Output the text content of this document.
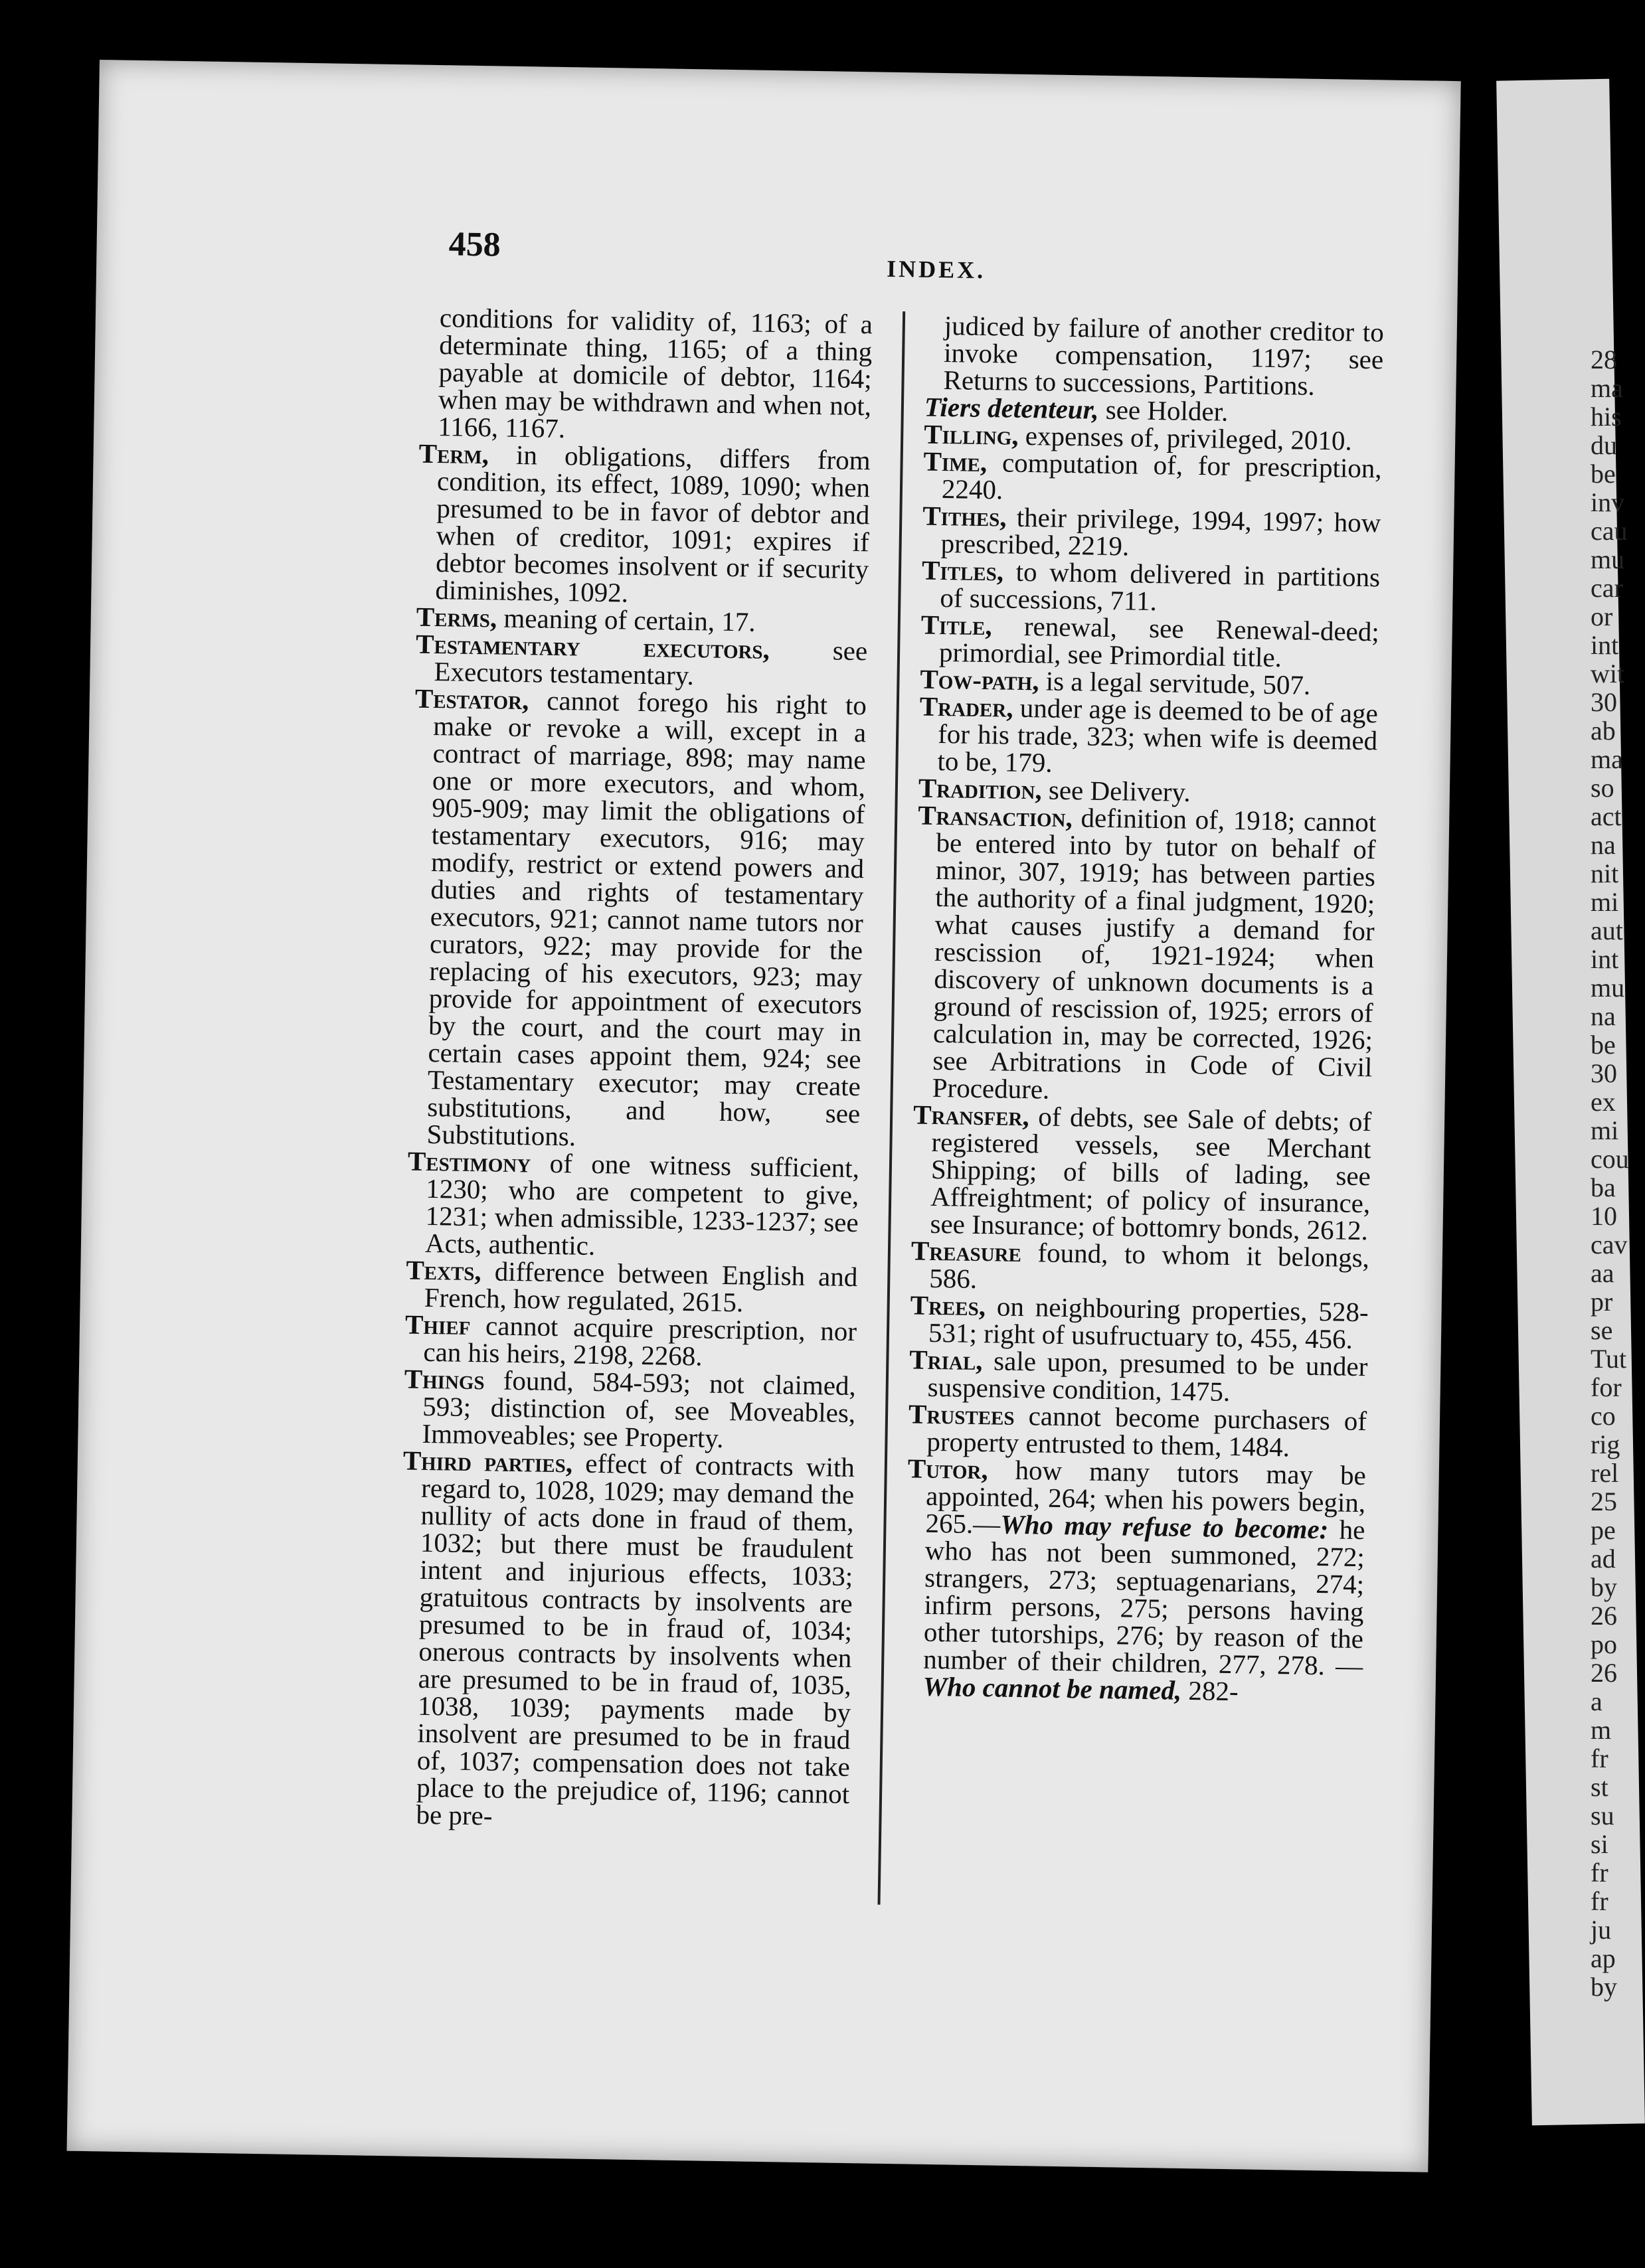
458
INDEX.

conditions for validity of, 1163; of a determinate thing, 1165; of a thing payable at domicile of debtor, 1164; when may be withdrawn and when not, 1166, 1167.

Term, in obligations, differs from condition, its effect, 1089, 1090; when presumed to be in favor of debtor and when of creditor, 1091; expires if debtor becomes insolvent or if security diminishes, 1092.

Terms, meaning of certain, 17.

Testamentary executors, see Executors testamentary.

Testator, cannot forego his right to make or revoke a will, except in a contract of marriage, 898; may name one or more executors, and whom, 905-909; may limit the obligations of testamentary executors, 916; may modify, restrict or extend powers and duties and rights of testamentary executors, 921; cannot name tutors nor curators, 922; may provide for the replacing of his executors, 923; may provide for appointment of executors by the court, and the court may in certain cases appoint them, 924; see Testamentary executor; may create substitutions, and how, see Substitutions.

Testimony of one witness sufficient, 1230; who are competent to give, 1231; when admissible, 1233-1237; see Acts, authentic.

Texts, difference between English and French, how regulated, 2615.

Thief cannot acquire prescription, nor can his heirs, 2198, 2268.

Things found, 584-593; not claimed, 593; distinction of, see Moveables, Immoveables; see Property.

Third parties, effect of contracts with regard to, 1028, 1029; may demand the nullity of acts done in fraud of them, 1032; but there must be fraudulent intent and injurious effects, 1033; gratuitous contracts by insolvents are presumed to be in fraud of, 1034; onerous contracts by insolvents when are presumed to be in fraud of, 1035, 1038, 1039; payments made by insolvent are presumed to be in fraud of, 1037; compensation does not take place to the prejudice of, 1196; cannot be pre-

judiced by failure of another creditor to invoke compensation, 1197; see Returns to successions, Partitions.

Tiers detenteur, see Holder.

Tilling, expenses of, privileged, 2010.

Time, computation of, for prescription, 2240.

Tithes, their privilege, 1994, 1997; how prescribed, 2219.

Titles, to whom delivered in partitions of successions, 711.

Title, renewal, see Renewal-deed; primordial, see Primordial title.

Tow-path, is a legal servitude, 507.

Trader, under age is deemed to be of age for his trade, 323; when wife is deemed to be, 179.

Tradition, see Delivery.

Transaction, definition of, 1918; cannot be entered into by tutor on behalf of minor, 307, 1919; has between parties the authority of a final judgment, 1920; what causes justify a demand for rescission of, 1921-1924; when discovery of unknown documents is a ground of rescission of, 1925; errors of calculation in, may be corrected, 1926; see Arbitrations in Code of Civil Procedure.

Transfer, of debts, see Sale of debts; of registered vessels, see Merchant Shipping; of bills of lading, see Affreightment; of policy of insurance, see Insurance; of bottomry bonds, 2612.

Treasure found, to whom it belongs, 586.

Trees, on neighbouring properties, 528-531; right of usufructuary to, 455, 456.

Trial, sale upon, presumed to be under suspensive condition, 1475.

Trustees cannot become purchasers of property entrusted to them, 1484.

Tutor, how many tutors may be appointed, 264; when his powers begin, 265.—Who may refuse to become: he who has not been summoned, 272; strangers, 273; septuagenarians, 274; infirm persons, 275; persons having other tutorships, 276; by reason of the number of their children, 277, 278. —Who cannot be named, 282-

28
ma
his
du
be
inv
cau
mu
car
or
int
wit
30
ab
ma
so
act
na
nit
mi
aut
int
mu
na
be
30
ex
mi
cou
ba
10
cav
aa
pr
se
Tut
for
co
rig
rel
25
pe
ad
by
26
po
26
a
m
fr
st
su
si
fr
fr
ju
ap
by
